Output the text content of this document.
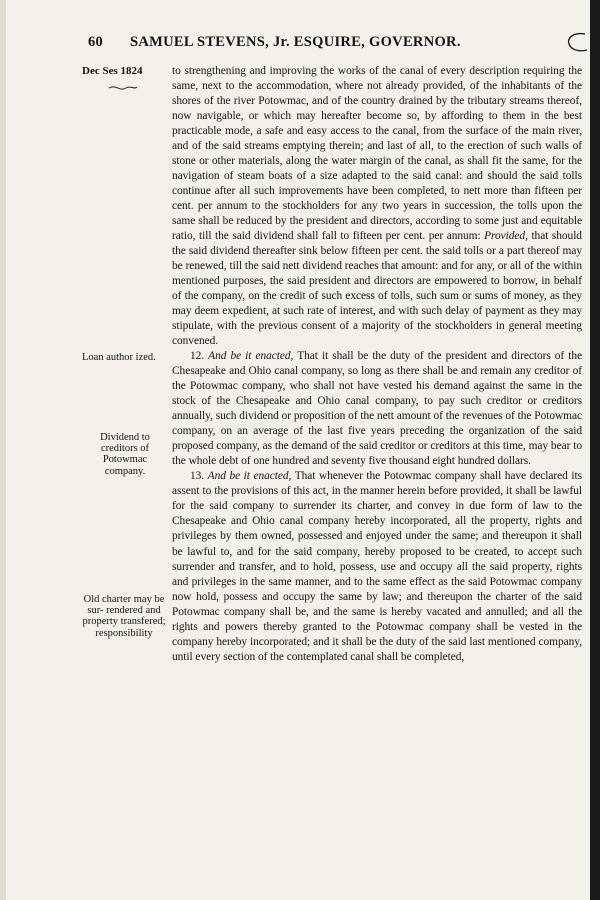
60 SAMUEL STEVENS, Jr. ESQUIRE, GOVERNOR.
Dec Ses 1824
Loan author ized.
Dividend to creditors of Potowmac company.
Old charter may be sur- rendered and property transfered; responsibility

to strengthening and improving the works of the canal of every description requiring the same, next to the accommodation, where not already provided, of the inhabitants of the shores of the river Potowmac, and of the country drained by the tributary streams thereof, now navigable, or which may hereafter become so, by affording to them in the best practicable mode, a safe and easy access to the canal, from the surface of the main river, and of the said streams emptying therein; and last of all, to the erection of such walls of stone or other materials, along the water margin of the canal, as shall fit the same, for the navigation of steam boats of a size adapted to the said canal: and should the said tolls continue after all such improvements have been completed, to nett more than fifteen per cent. per annum to the stockholders for any two years in succession, the tolls upon the same shall be reduced by the president and directors, according to some just and equitable ratio, till the said dividend shall fall to fifteen per cent. per annum: Provided, that should the said dividend thereafter sink below fifteen per cent. the said tolls or a part thereof may be renewed, till the said nett dividend reaches that amount: and for any, or all of the within mentioned purposes, the said president and directors are empowered to borrow, in behalf of the company, on the credit of such excess of tolls, such sum or sums of money, as they may deem expedient, at such rate of interest, and with such delay of payment as they may stipulate, with the previous consent of a majority of the stockholders in general meeting convened.

12. And be it enacted, That it shall be the duty of the president and directors of the Chesapeake and Ohio canal company, so long as there shall be and remain any creditor of the Potowmac company, who shall not have vested his demand against the same in the stock of the Chesapeake and Ohio canal company, to pay such creditor or creditors annually, such dividend or proposition of the nett amount of the revenues of the Potowmac company, on an average of the last five years preceding the organization of the said proposed company, as the demand of the said creditor or creditors at this time, may bear to the whole debt of one hundred and seventy five thousand eight hundred dollars.

13. And be it enacted, That whenever the Potowmac company shall have declared its assent to the provisions of this act, in the manner herein before provided, it shall be lawful for the said company to surrender its charter, and convey in due form of law to the Chesapeake and Ohio canal company hereby incorporated, all the property, rights and privileges by them owned, possessed and enjoyed under the same; and thereupon it shall be lawful to, and for the said company, hereby proposed to be created, to accept such surrender and transfer, and to hold, possess, use and occupy all the said property, rights and privileges in the same manner, and to the same effect as the said Potowmac company now hold, possess and occupy the same by law; and thereupon the charter of the said Potowmac company shall be, and the same is hereby vacated and annulled; and all the rights and powers thereby granted to the Potowmac company shall be vested in the company hereby incorporated; and it shall be the duty of the said last mentioned company, until every section of the contemplated canal shall be completed,
